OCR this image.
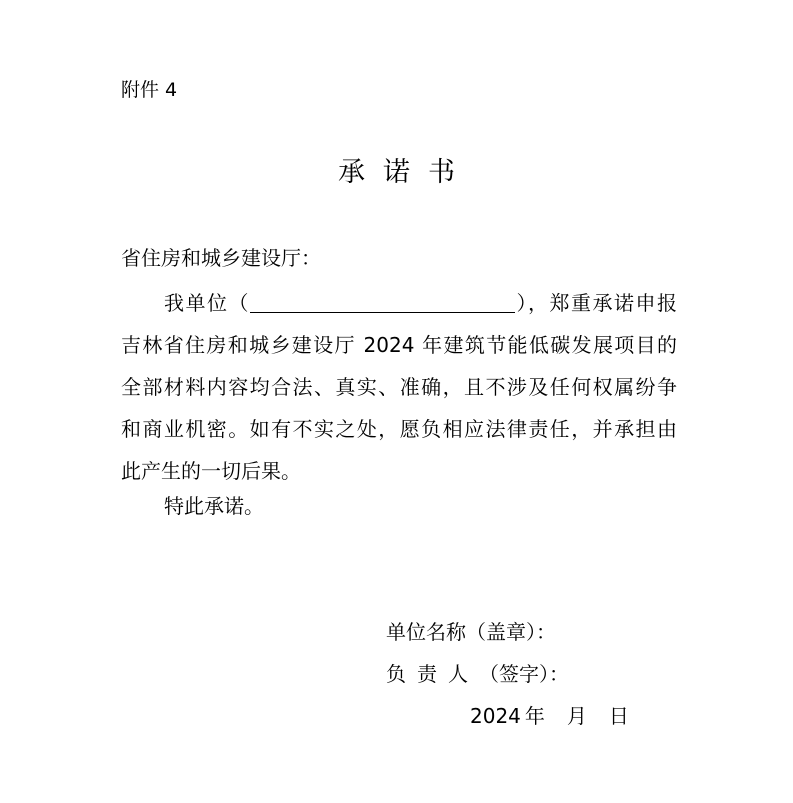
附件 4
承诺书
省住房和城乡建设厅：
我单位（	），郑重承诺申报
吉林省住房和城乡建设厅 2024 年建筑节能低碳发展项目的
全部材料内容均合法、真实、准确，且不涉及任何权属纷争
和商业机密。如有不实之处，愿负相应法律责任，并承担由
此产生的一切后果。
特此承诺。
单位名称（盖章）：
负责人（签字）：
2024 年 月 日
